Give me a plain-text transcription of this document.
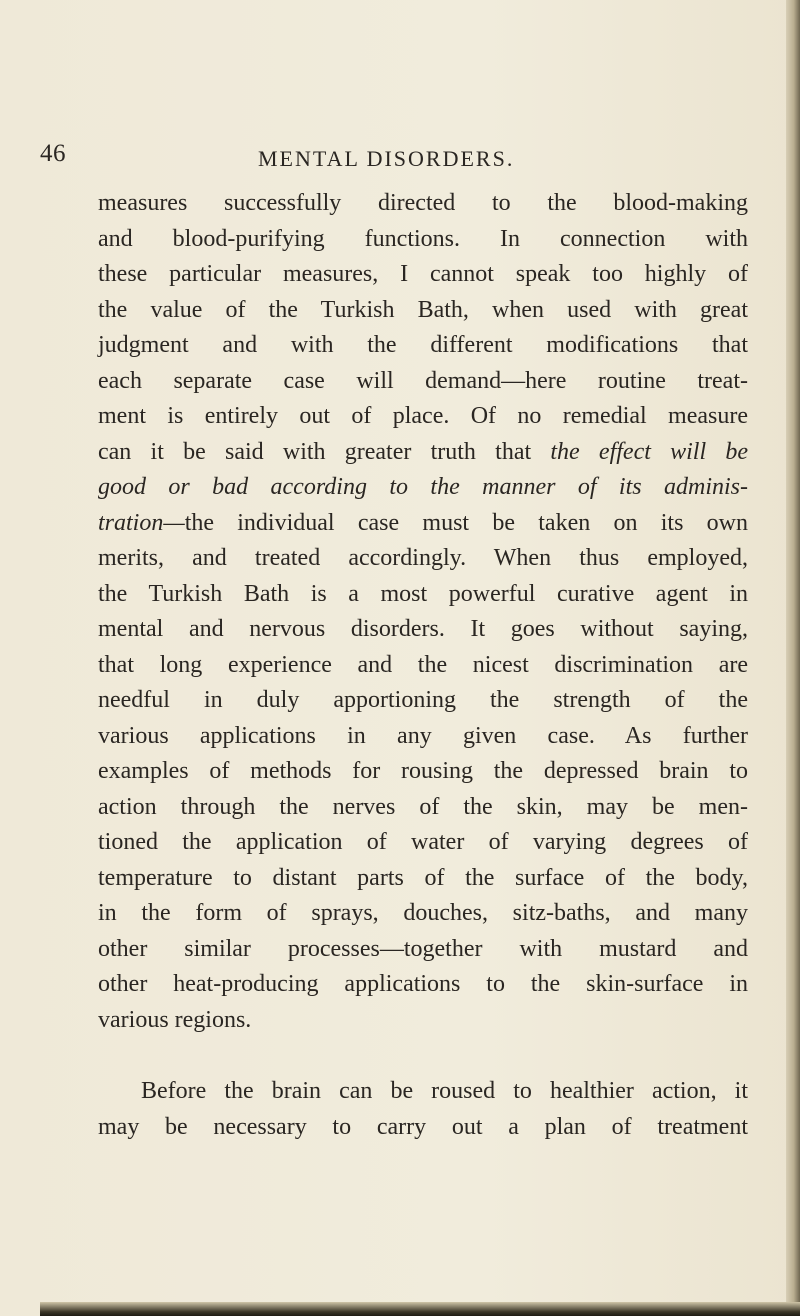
46	MENTAL DISORDERS.
measures successfully directed to the blood-making
and blood-purifying functions. In connection with
these particular measures, I cannot speak too highly of
the value of the Turkish Bath, when used with great
judgment and with the different modifications that
each separate case will demand—here routine treat-
ment is entirely out of place. Of no remedial measure
can it be said with greater truth that the effect will be
good or bad according to the manner of its adminis-
tration—the individual case must be taken on its own
merits, and treated accordingly. When thus employed,
the Turkish Bath is a most powerful curative agent in
mental and nervous disorders. It goes without saying,
that long experience and the nicest discrimination are
needful in duly apportioning the strength of the
various applications in any given case. As further
examples of methods for rousing the depressed brain to
action through the nerves of the skin, may be men-
tioned the application of water of varying degrees of
temperature to distant parts of the surface of the body,
in the form of sprays, douches, sitz-baths, and many
other similar processes—together with mustard and
other heat-producing applications to the skin-surface in
various regions.
Before the brain can be roused to healthier action, it
may be necessary to carry out a plan of treatment
